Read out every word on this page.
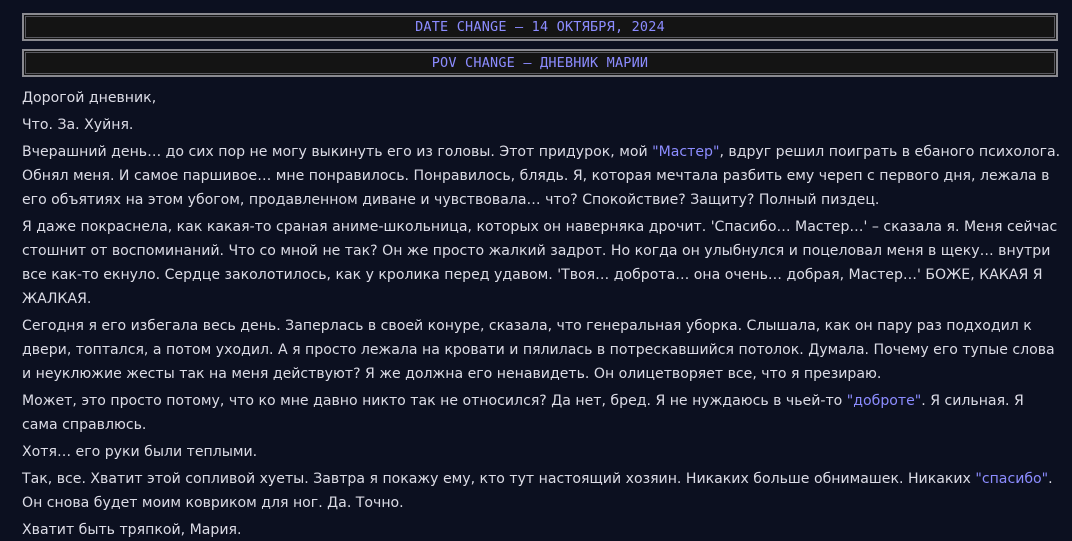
DATE CHANGE – 14 ОКТЯБРЯ, 2024
POV CHANGE – ДНЕВНИК МАРИИ

Дорогой дневник,

Что. За. Хуйня.

Вчерашний день… до сих пор не могу выкинуть его из головы. Этот придурок, мой "Мастер", вдруг решил поиграть в ебаного психолога. Обнял меня. И самое паршивое… мне понравилось. Понравилось, блядь. Я, которая мечтала разбить ему череп с первого дня, лежала в его объятиях на этом убогом, продавленном диване и чувствовала… что? Спокойствие? Защиту? Полный пиздец.

Я даже покраснела, как какая-то сраная аниме-школьница, которых он наверняка дрочит. 'Спасибо… Мастер…' – сказала я. Меня сейчас стошнит от воспоминаний. Что со мной не так? Он же просто жалкий задрот. Но когда он улыбнулся и поцеловал меня в щеку… внутри все как-то екнуло. Сердце заколотилось, как у кролика перед удавом. 'Твоя… доброта… она очень… добрая, Мастер…' БОЖЕ, КАКАЯ Я ЖАЛКАЯ.

Сегодня я его избегала весь день. Заперлась в своей конуре, сказала, что генеральная уборка. Слышала, как он пару раз подходил к двери, топтался, а потом уходил. А я просто лежала на кровати и пялилась в потрескавшийся потолок. Думала. Почему его тупые слова и неуклюжие жесты так на меня действуют? Я же должна его ненавидеть. Он олицетворяет все, что я презираю.

Может, это просто потому, что ко мне давно никто так не относился? Да нет, бред. Я не нуждаюсь в чьей-то "доброте". Я сильная. Я сама справлюсь.

Хотя… его руки были теплыми.

Так, все. Хватит этой сопливой хуеты. Завтра я покажу ему, кто тут настоящий хозяин. Никаких больше обнимашек. Никаких "спасибо". Он снова будет моим ковриком для ног. Да. Точно.

Хватит быть тряпкой, Мария.
